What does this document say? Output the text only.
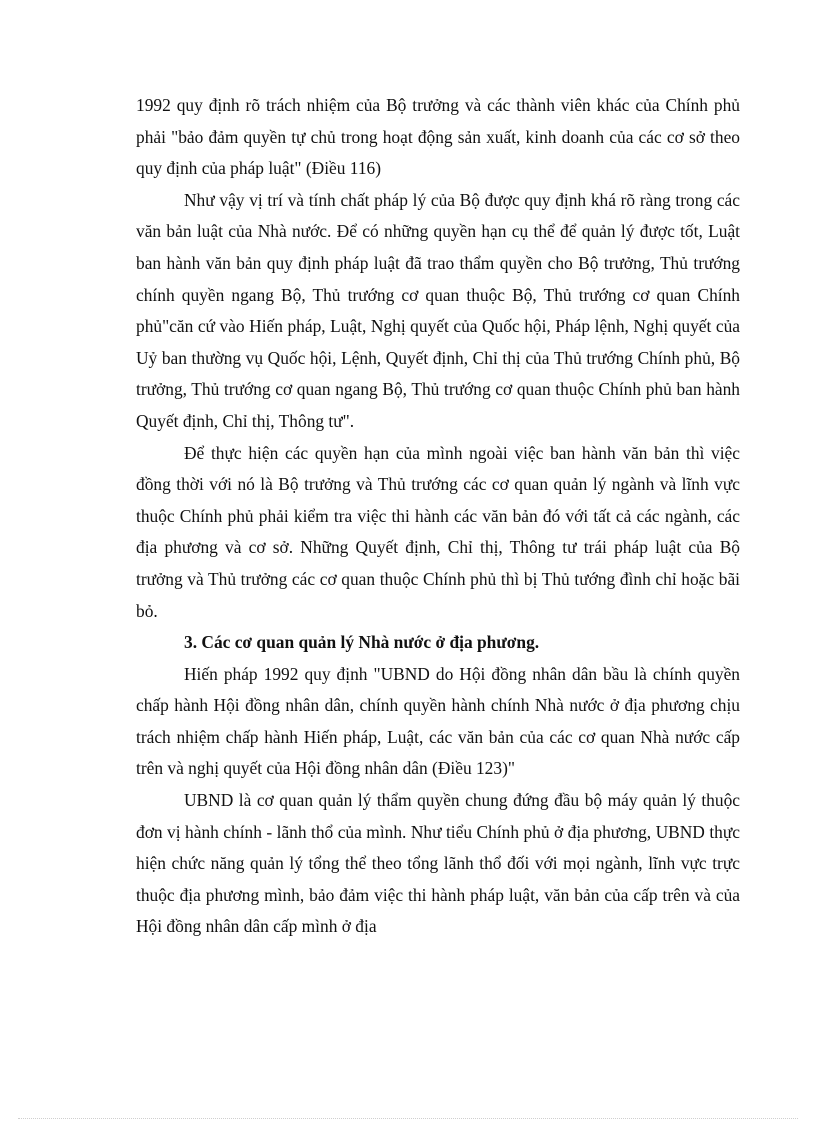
1992 quy định rõ trách nhiệm của Bộ trưởng và các thành viên khác của Chính phủ phải "bảo đảm quyền tự chủ trong hoạt động sản xuất, kinh doanh của các cơ sở theo quy định của pháp luật" (Điều 116)

Như vậy vị trí và tính chất pháp lý của Bộ được quy định khá rõ ràng trong các văn bản luật của Nhà nước. Để có những quyền hạn cụ thể để quản lý được tốt, Luật ban hành văn bản quy định pháp luật đã trao thẩm quyền cho Bộ trưởng, Thủ trướng chính quyền ngang Bộ, Thủ trướng cơ quan thuộc Bộ, Thủ trướng cơ quan Chính phủ"căn cứ vào Hiến pháp, Luật, Nghị quyết của Quốc hội, Pháp lệnh, Nghị quyết của Uỷ ban thường vụ Quốc hội, Lệnh, Quyết định, Chỉ thị của Thủ trướng Chính phủ, Bộ trưởng, Thủ trướng cơ quan ngang Bộ, Thủ trướng cơ quan thuộc Chính phủ ban hành Quyết định, Chỉ thị, Thông tư".

Để thực hiện các quyền hạn của mình ngoài việc ban hành văn bản thì việc đồng thời với nó là Bộ trưởng và Thủ trướng các cơ quan quản lý ngành và lĩnh vực thuộc Chính phủ phải kiểm tra việc thi hành các văn bản đó với tất cả các ngành, các địa phương và cơ sở. Những Quyết định, Chỉ thị, Thông tư trái pháp luật của Bộ trưởng và Thủ trưởng các cơ quan thuộc Chính phủ thì bị Thủ tướng đình chỉ hoặc bãi bỏ.

3. Các cơ quan quản lý Nhà nước ở địa phương.

Hiến pháp 1992 quy định "UBND do Hội đồng nhân dân bầu là chính quyền chấp hành Hội đồng nhân dân, chính quyền hành chính Nhà nước ở địa phương chịu trách nhiệm chấp hành Hiến pháp, Luật, các văn bản của các cơ quan Nhà nước cấp trên và nghị quyết của Hội đồng nhân dân (Điều 123)"

UBND là cơ quan quản lý thẩm quyền chung đứng đầu bộ máy quản lý thuộc đơn vị hành chính - lãnh thổ của mình. Như tiểu Chính phủ ở địa phương, UBND thực hiện chức năng quản lý tổng thể theo tổng lãnh thổ đối với mọi ngành, lĩnh vực trực thuộc địa phương mình, bảo đảm việc thi hành pháp luật, văn bản của cấp trên và của Hội đồng nhân dân cấp mình ở địa
